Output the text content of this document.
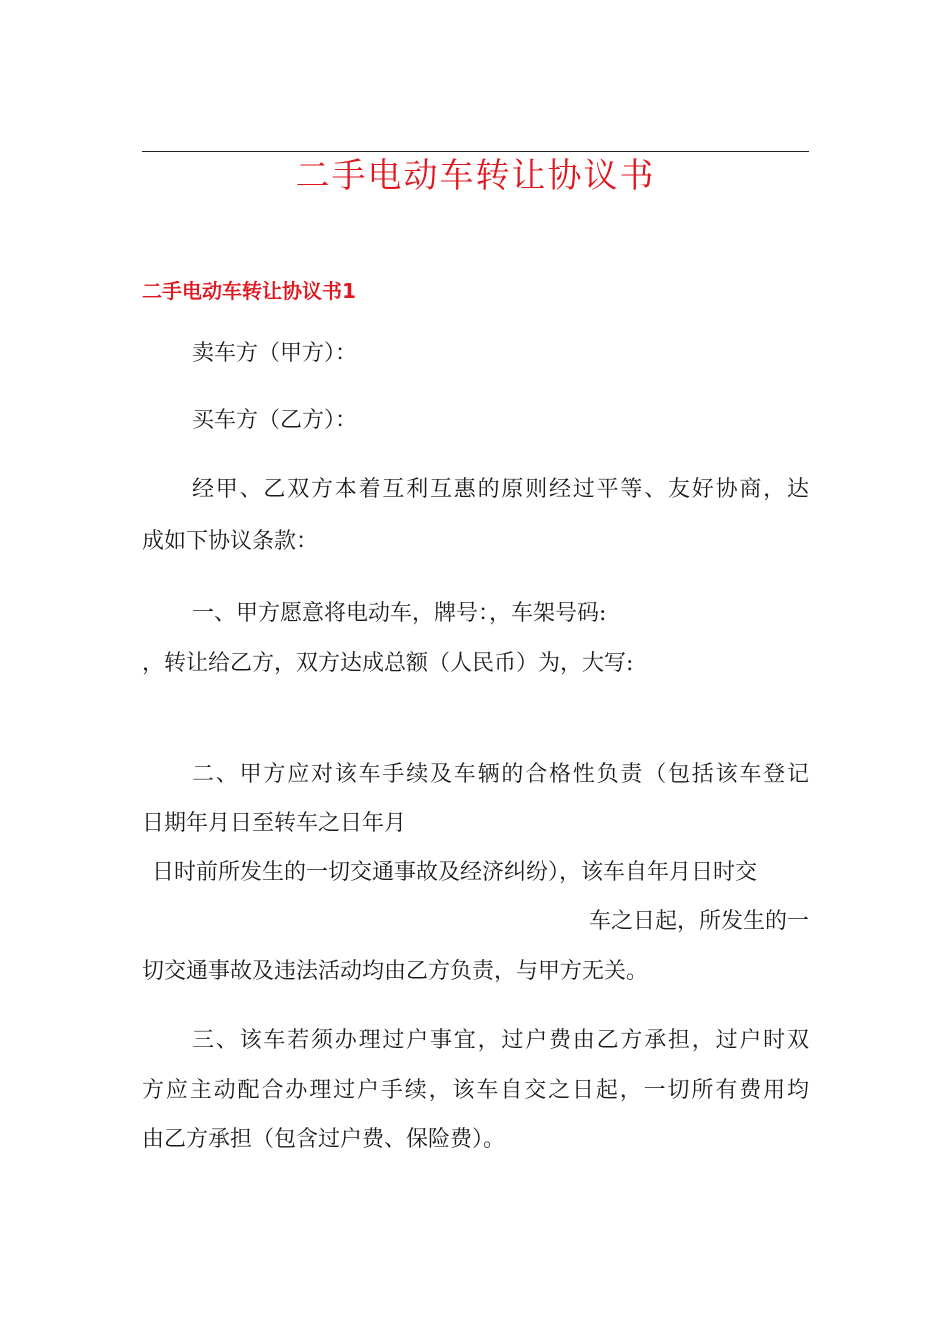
二手电动车转让协议书
二手电动车转让协议书1

卖车方（甲方）：

买车方（乙方）：

经甲、乙双方本着互利互惠的原则经过平等、友好协商，达

成如下协议条款：

一、甲方愿意将电动车，牌号：，车架号码:

，转让给乙方，双方达成总额（人民币）为，大写:

二、甲方应对该车手续及车辆的合格性负责（包括该车登记

日期年月日至转车之日年月

日时前所发生的一切交通事故及经济纠纷），该车自年月日时交

车之日起，所发生的一

切交通事故及违法活动均由乙方负责，与甲方无关。

三、该车若须办理过户事宜，过户费由乙方承担，过户时双

方应主动配合办理过户手续，该车自交之日起，一切所有费用均

由乙方承担（包含过户费、保险费）。
